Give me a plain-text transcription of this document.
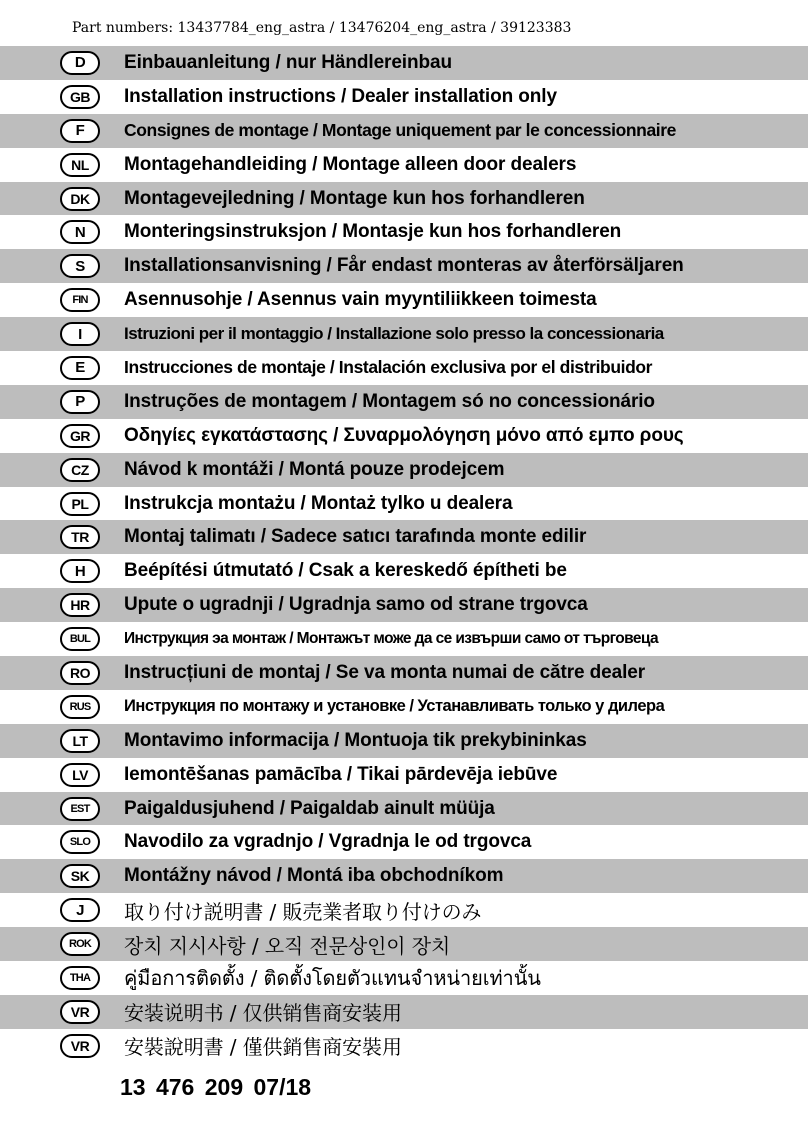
Part numbers: 13437784_eng_astra / 13476204_eng_astra / 39123383
D	Einbauanleitung / nur Händlereinbau
GB	Installation instructions / Dealer installation only
F	Consignes de montage / Montage uniquement par le concessionnaire
NL	Montagehandleiding / Montage alleen door dealers
DK	Montagevejledning / Montage kun hos forhandleren
N	Monteringsinstruksjon / Montasje kun hos forhandleren
S	Installationsanvisning / Får endast monteras av återförsäljaren
FIN	Asennusohje / Asennus vain myyntiliikkeen toimesta
I	Istruzioni per il montaggio / Installazione solo presso la concessionaria
E	Instrucciones de montaje / Instalación exclusiva por el distribuidor
P	Instruções de montagem / Montagem só no concessionário
GR	Οδηγίες εγκατάστασης / Συναρμολόγηση μόνο από εμπο ρους
CZ	Návod k montáži / Montá pouze prodejcem
PL	Instrukcja montażu / Montaż tylko u dealera
TR	Montaj talimatı / Sadece satıcı tarafında monte edilir
H	Beépítési útmutató / Csak a kereskedő építheti be
HR	Upute o ugradnji / Ugradnja samo od strane trgovca
BUL	Инструкция эа монтаж / Монтажът може да се извърши само от търговеца
RO	Instrucțiuni de montaj / Se va monta numai de către dealer
RUS	Инструкция по монтажу и установке / Устанавливать только у дилера
LT	Montavimo informacija / Montuoja tik prekybininkas
LV	Iemontēšanas pamācība / Tikai pārdevēja iebūve
EST	Paigaldusjuhend / Paigaldab ainult müüja
SLO	Navodilo za vgradnjo / Vgradnja le od trgovca
SK	Montážny návod / Montá iba obchodníkom
J	取り付け説明書 / 販売業者取り付けのみ
ROK	장치 지시사항 / 오직 전문상인이 장치
THA	คู่มือการติดตั้ง / ติดตั้งโดยตัวแทนจำหน่ายเท่านั้น
VR	安装说明书 / 仅供销售商安装用
VR	安裝說明書 / 僅供銷售商安裝用
13 476 209 07/18
